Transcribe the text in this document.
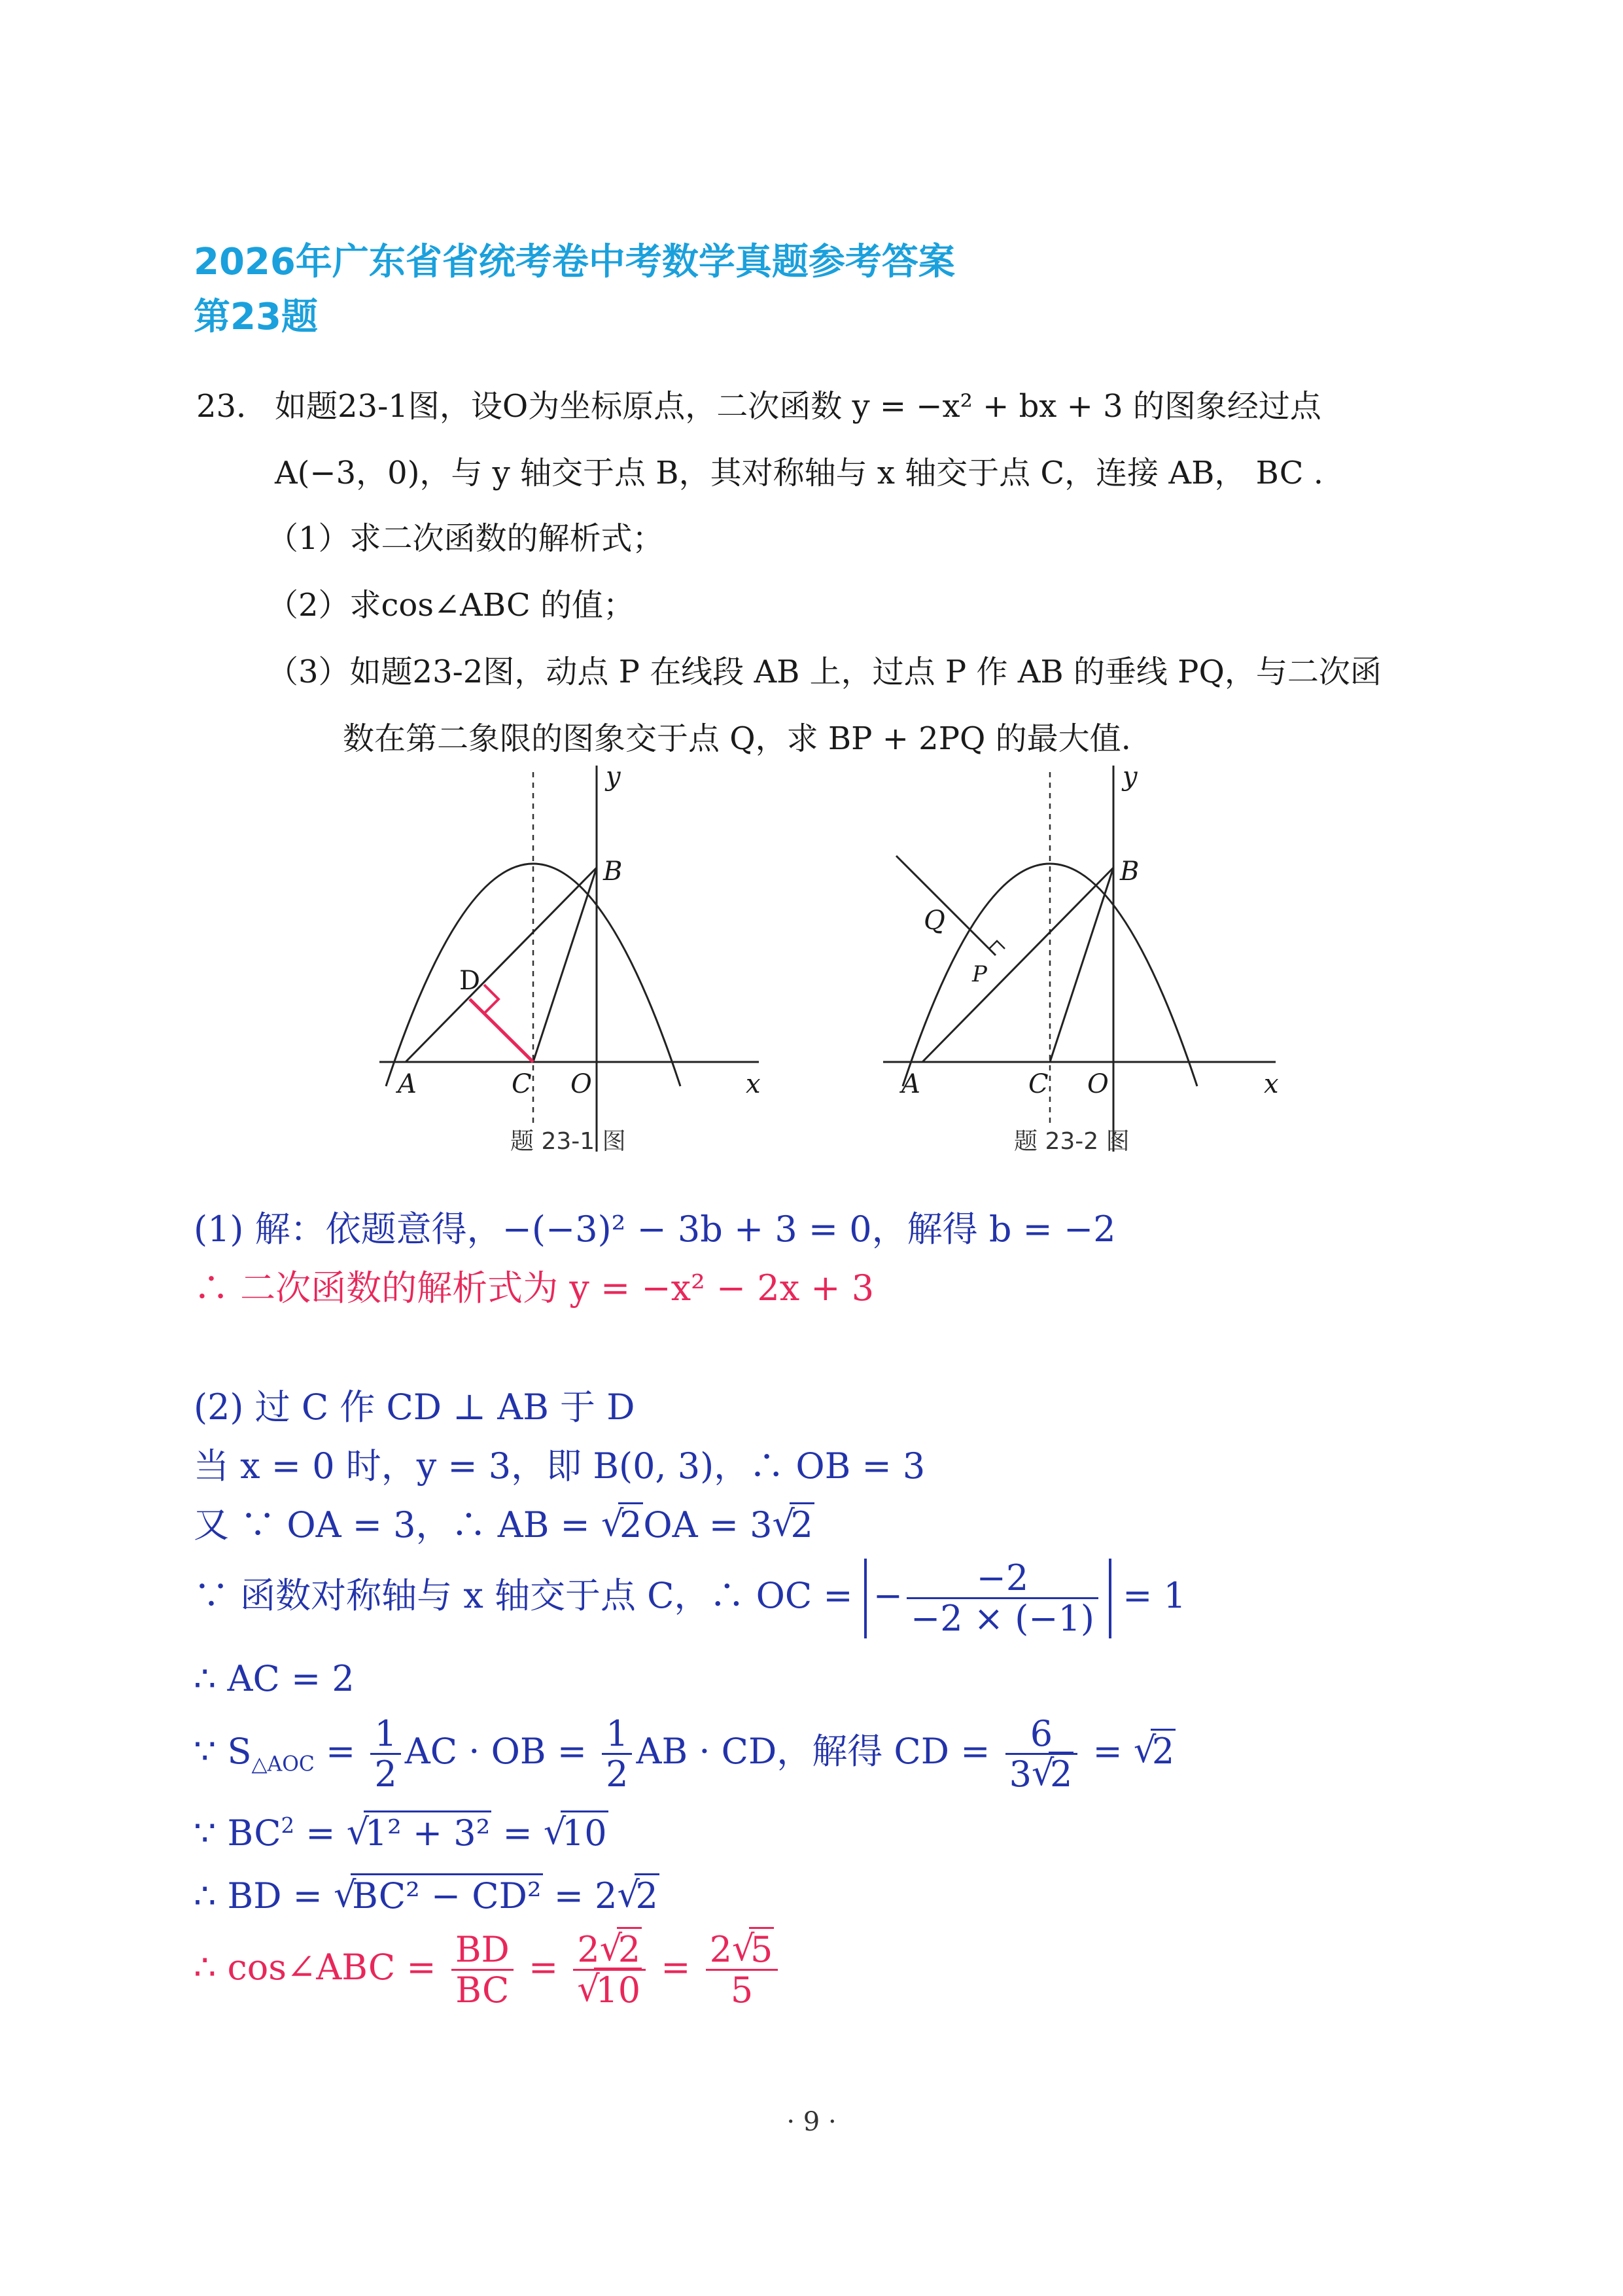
2026年广东省省统考卷中考数学真题参考答案
第23题
23． 如题23-1图，设O为坐标原点，二次函数 y = −x² + bx + 3 的图象经过点
A(−3，0)，与 y 轴交于点 B，其对称轴与 x 轴交于点 C，连接 AB， BC .
（1）求二次函数的解析式；
（2）求cos∠ABC 的值；
（3）如题23-2图，动点 P 在线段 AB 上，过点 P 作 AB 的垂线 PQ，与二次函
数在第二象限的图象交于点 Q，求 BP + 2PQ 的最大值.
A
B
C O
D
x
y
题 23-1 图
A
B
C O
Q
P
x
y
题 23-2 图
(1) 解：依题意得，−(−3)² − 3b + 3 = 0，解得 b = −2
∴ 二次函数的解析式为 y = −x² − 2x + 3
(2) 过 C 作 CD ⊥ AB 于 D
当 x = 0 时，y = 3，即 B(0, 3)，∴ OB = 3
又 ∵ OA = 3，∴ AB = √ 2OA = 3√ 2
∵ 函数对称轴与 x 轴交于点 C，∴ OC = − $\frac{-2}{-2 \times (-1)} = 1$
∴ AC = 2
∵ $S_{\triangle AOC} = \frac{1}{2}$ AC · OB = $\frac{1}{2}$ AB · CD，解得 CD = $\frac{6}{3√ 2}$ = √ 2
∵ $BC^2$ = √ 1² + 3² = √ 10
∴ BD = √ BC² − CD² = 2√ 2
∴ cos∠ABC = $\frac{BD}{BC} = 2√$ 2
√ $10 = \frac{2√ 5}{5}$
· 9 ·
